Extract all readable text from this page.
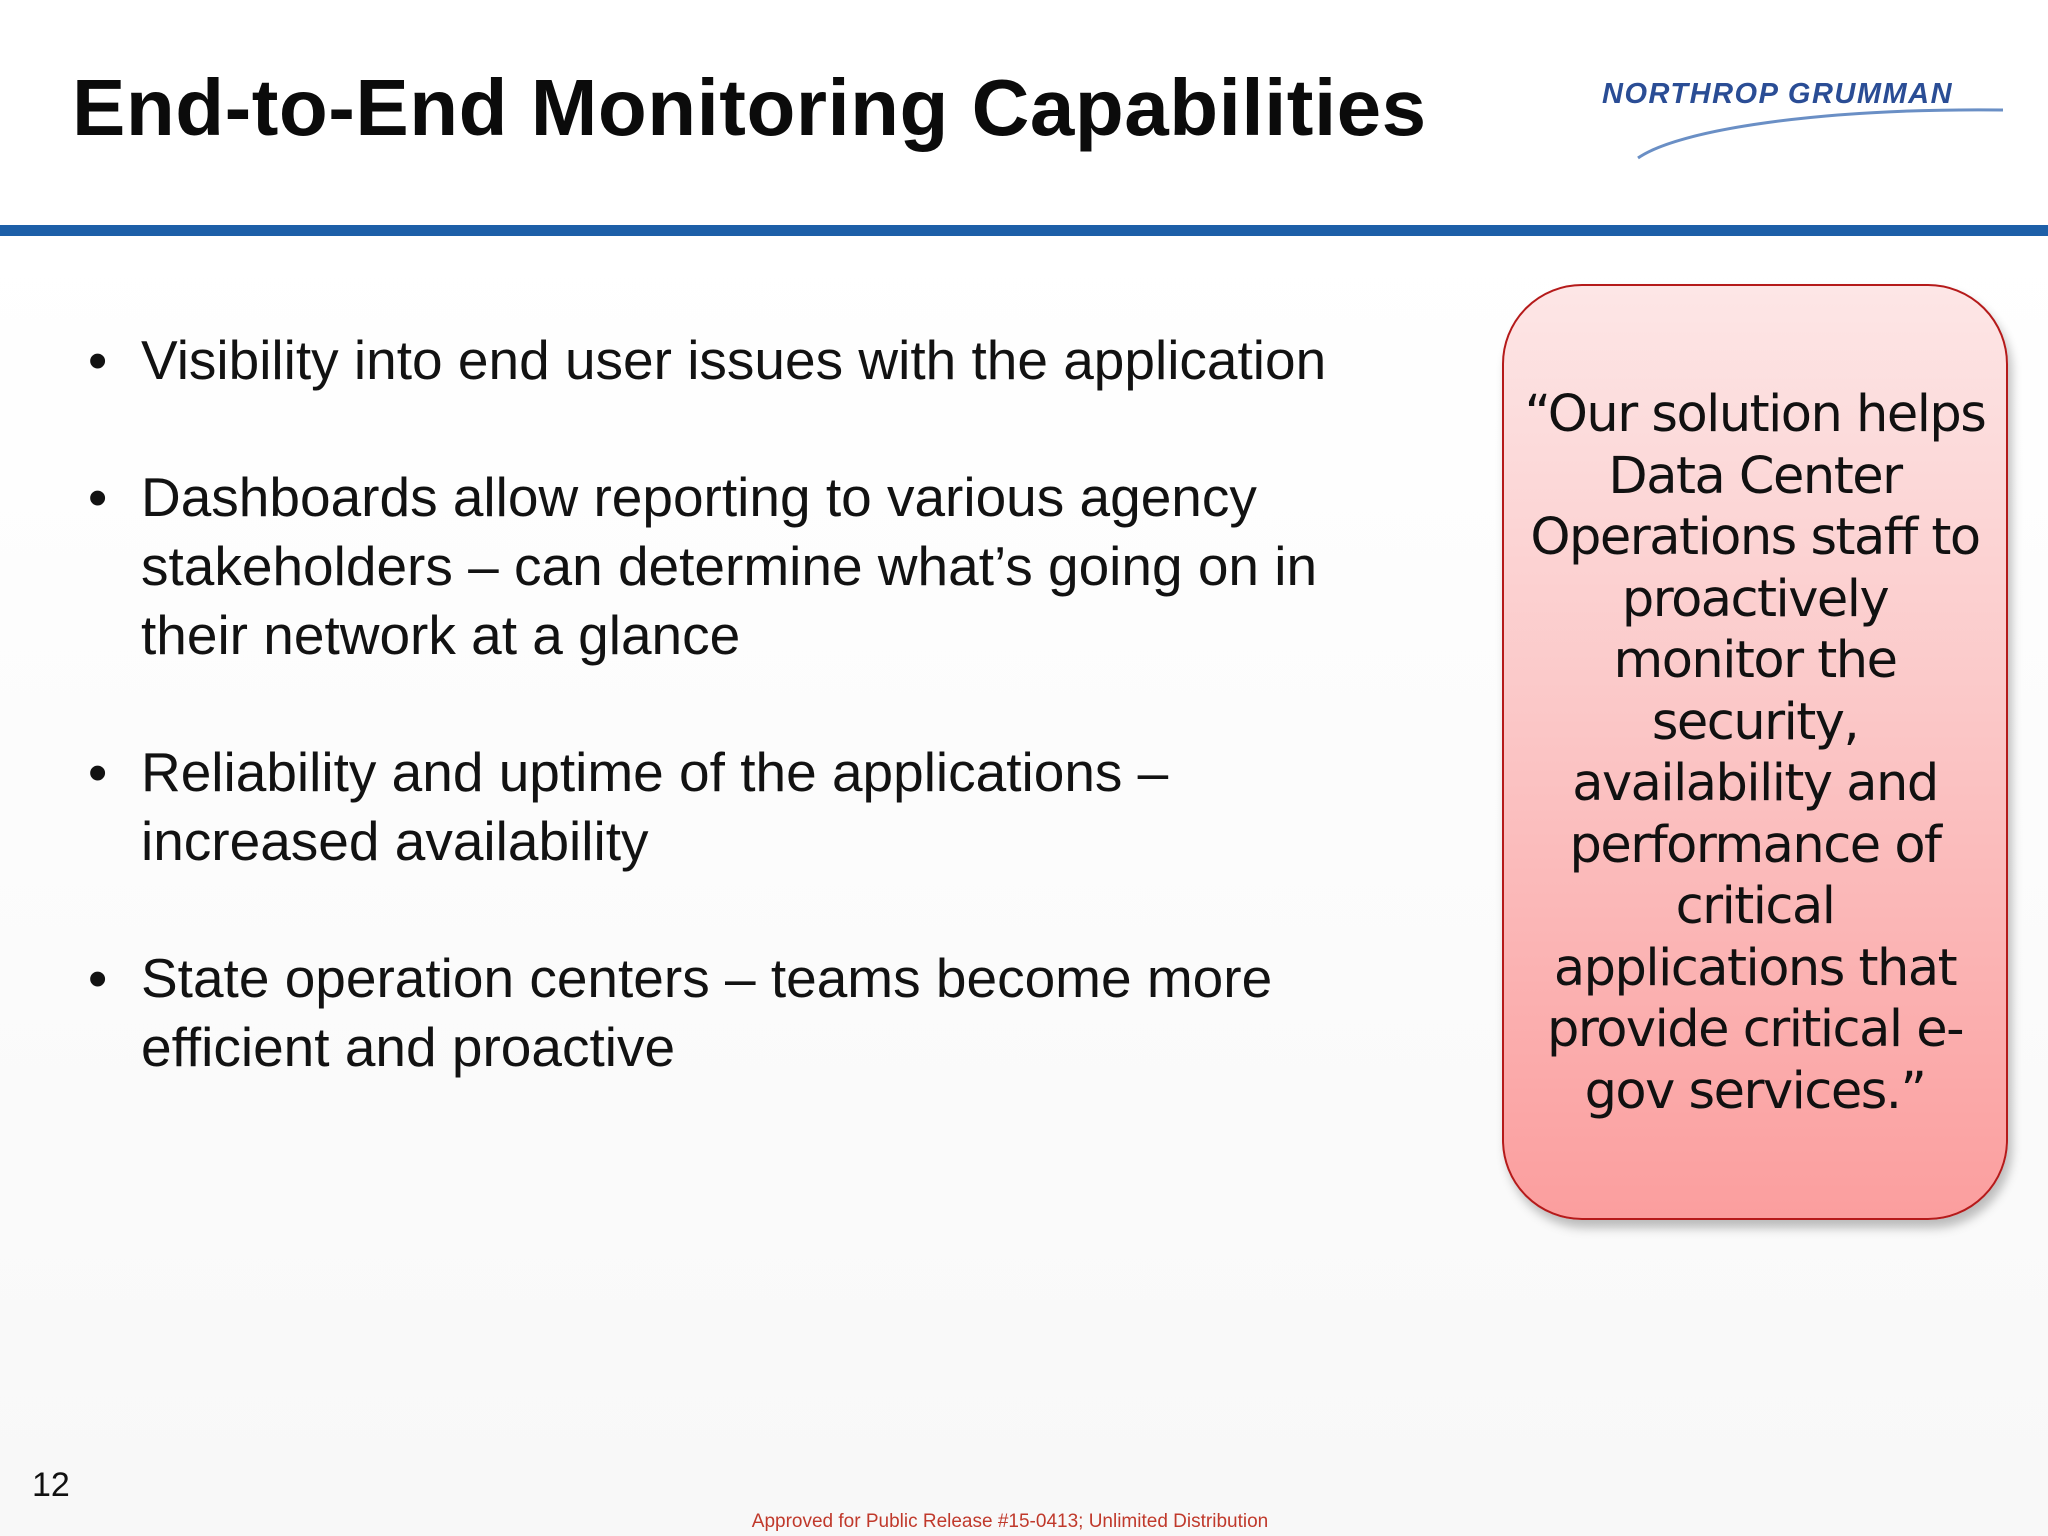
End-to-End Monitoring Capabilities	NORTHROP GRUMMAN
• Visibility into end user issues with the application
• Dashboards allow reporting to various agency stakeholders – can determine what’s going on in their network at a glance
• Reliability and uptime of the applications – increased availability
• State operation centers – teams become more efficient and proactive
“Our solution helps Data Center Operations staff to proactively monitor the security, availability and performance of critical applications that provide critical e-gov services.”
12
Approved for Public Release #15-0413; Unlimited Distribution
